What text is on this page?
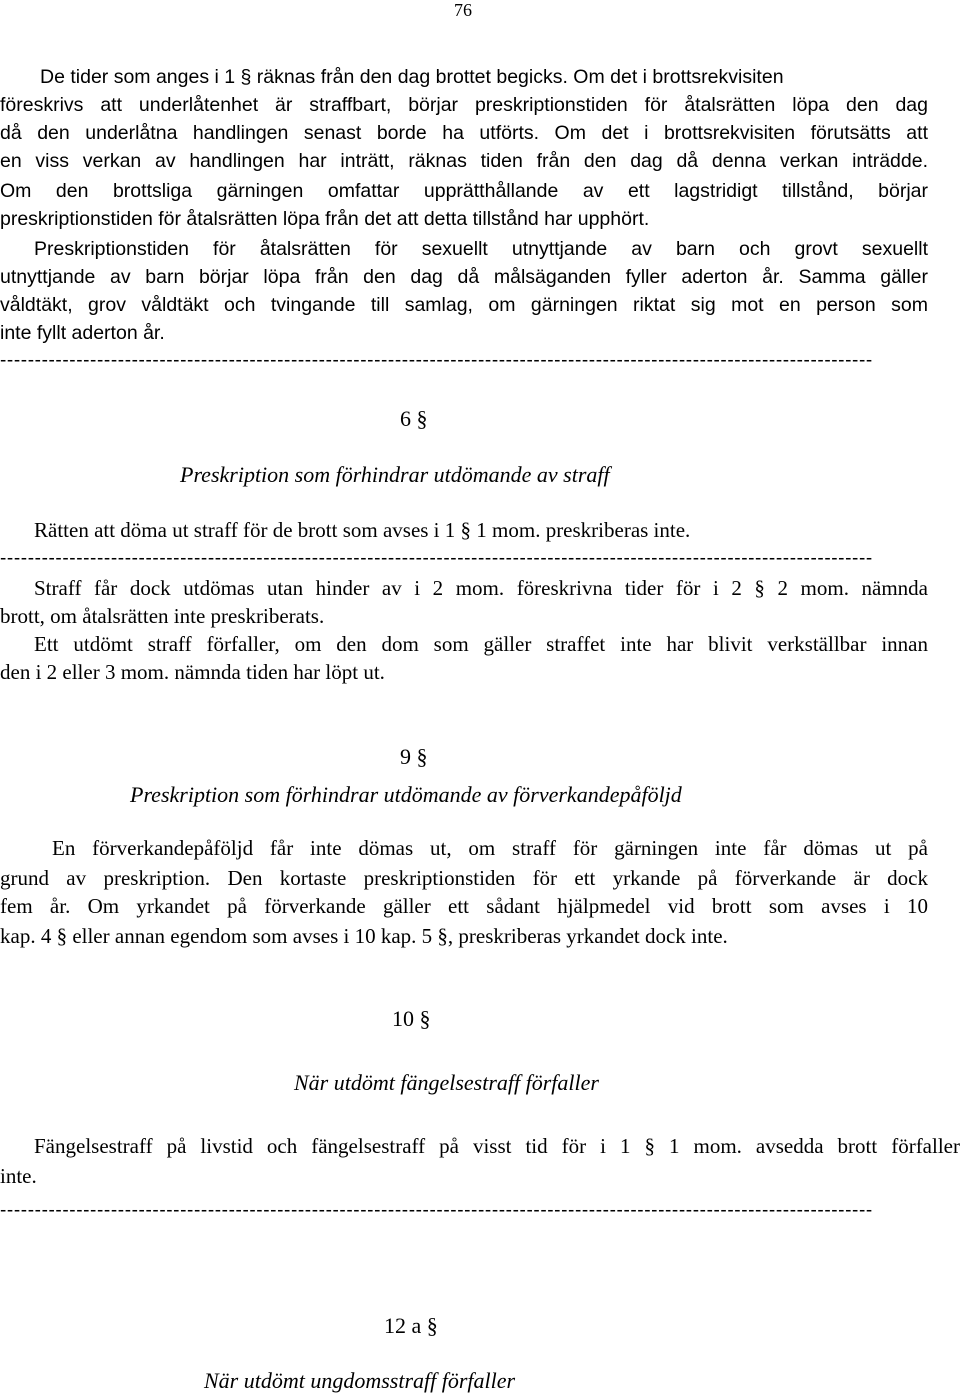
76
De tider som anges i 1 § räknas från den dag brottet begicks. Om det i brottsrekvisiten
föreskrivs att underlåtenhet är straffbart, börjar preskriptionstiden för åtalsrätten löpa den dag
då den underlåtna handlingen senast borde ha utförts. Om det i brottsrekvisiten förutsätts att
en viss verkan av handlingen har inträtt, räknas tiden från den dag då denna verkan inträdde.
Om den brottsliga gärningen omfattar upprätthållande av ett lagstridigt tillstånd, börjar
preskriptionstiden för åtalsrätten löpa från det att detta tillstånd har upphört.
Preskriptionstiden för åtalsrätten för sexuellt utnyttjande av barn och grovt sexuellt
utnyttjande av barn börjar löpa från den dag då målsäganden fyller aderton år. Samma gäller
våldtäkt, grov våldtäkt och tvingande till samlag, om gärningen riktat sig mot en person som
inte fyllt aderton år.
------------------------------------------------------------------------------------------------------------------------------
6 §
Preskription som förhindrar utdömande av straff
Rätten att döma ut straff för de brott som avses i 1 § 1 mom. preskriberas inte.
------------------------------------------------------------------------------------------------------------------------------
Straff får dock utdömas utan hinder av i 2 mom. föreskrivna tider för i 2 § 2 mom. nämnda
brott, om åtalsrätten inte preskriberats.
Ett utdömt straff förfaller, om den dom som gäller straffet inte har blivit verkställbar innan
den i 2 eller 3 mom. nämnda tiden har löpt ut.
9 §
Preskription som förhindrar utdömande av förverkandepåföljd
En förverkandepåföljd får inte dömas ut, om straff för gärningen inte får dömas ut på
grund av preskription. Den kortaste preskriptionstiden för ett yrkande på förverkande är dock
fem år. Om yrkandet på förverkande gäller ett sådant hjälpmedel vid brott som avses i 10
kap. 4 § eller annan egendom som avses i 10 kap. 5 §, preskriberas yrkandet dock inte.
10 §
När utdömt fängelsestraff förfaller
Fängelsestraff på livstid och fängelsestraff på visst tid för i 1 § 1 mom. avsedda brott förfaller
inte.
------------------------------------------------------------------------------------------------------------------------------
12 a §
När utdömt ungdomsstraff förfaller
